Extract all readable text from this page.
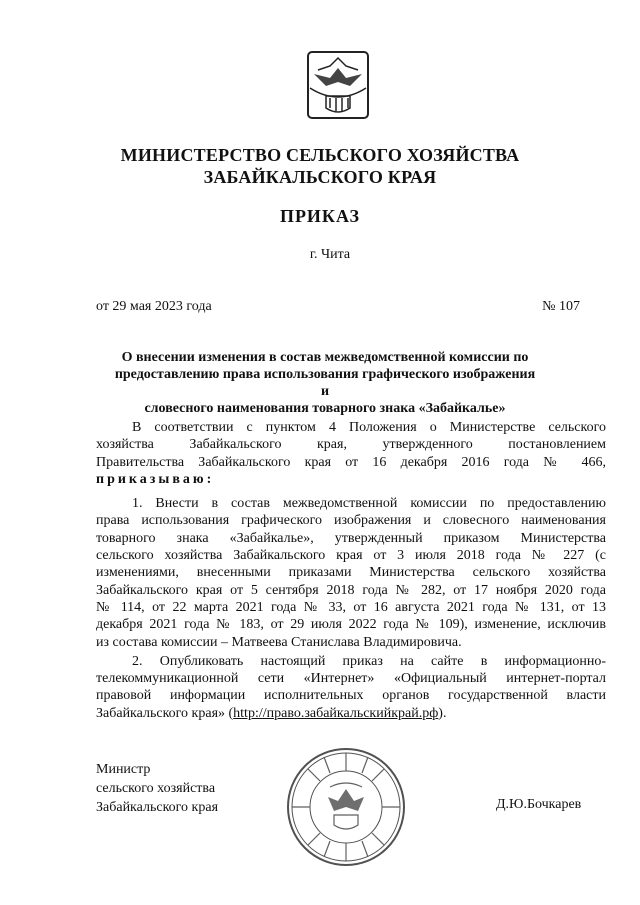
МИНИСТЕРСТВО СЕЛЬСКОГО ХОЗЯЙСТВА
ЗАБАЙКАЛЬСКОГО КРАЯ
ПРИКАЗ
г. Чита
от 29 мая 2023 года	№ 107
О внесении изменения в состав межведомственной комиссии по
предоставлению права использования графического изображения и
словесного наименования товарного знака «Забайкалье»
В соответствии с пунктом 4 Положения о Министерстве сельского
хозяйства Забайкальского края, утвержденного постановлением
Правительства Забайкальского края от 16 декабря 2016 года № 466,
приказываю:
1. Внести в состав межведомственной комиссии по предоставлению
права использования графического изображения и словесного наименования
товарного знака «Забайкалье», утвержденный приказом Министерства
сельского хозяйства Забайкальского края от 3 июля 2018 года № 227 (с
изменениями, внесенными приказами Министерства сельского хозяйства
Забайкальского края от 5 сентября 2018 года № 282, от 17 ноября 2020 года
№ 114, от 22 марта 2021 года № 33, от 16 августа 2021 года № 131, от 13
декабря 2021 года № 183, от 29 июля 2022 года № 109), изменение, исключив
из состава комиссии – Матвеева Станислава Владимировича.
2. Опубликовать настоящий приказ на сайте в информационно-
телекоммуникационной сети «Интернет» «Официальный интернет-портал
правовой информации исполнительных органов государственной власти
Забайкальского края» (http://право.забайкальскийкрай.рф).
Министр
сельского хозяйства
Забайкальского края	Д.Ю.Бочкарев
